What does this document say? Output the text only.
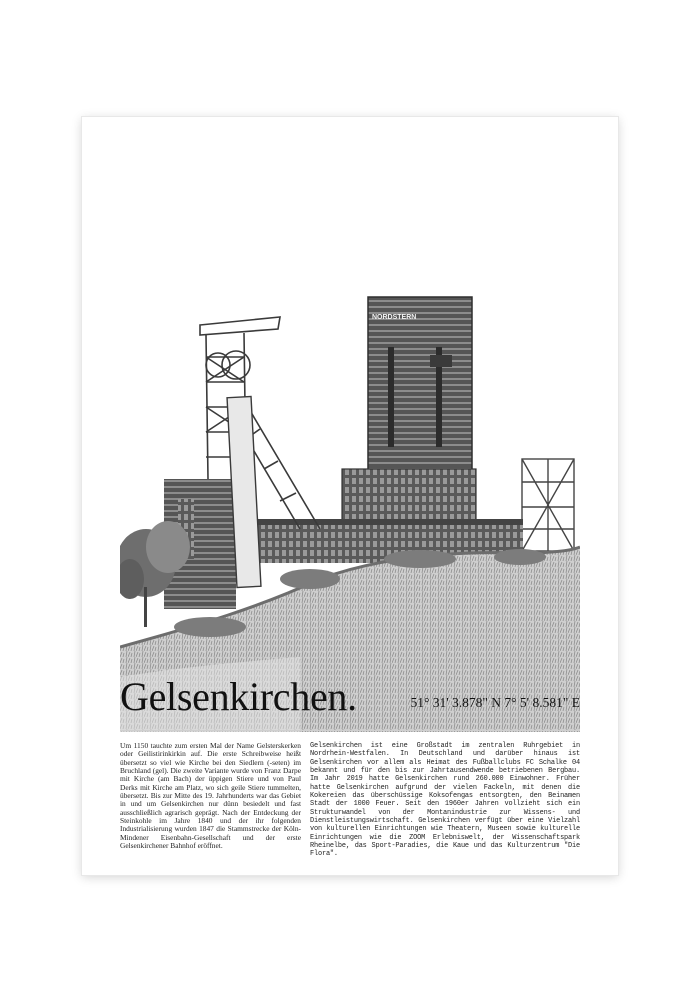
NORDSTERN
Gelsenkirchen.	51° 31' 3.878" N 7° 5' 8.581" E
Um 1150 tauchte zum ersten Mal der Name Gelsterskerken oder Geilistirinkirkin auf. Die erste Schreibweise heißt übersetzt so viel wie Kirche bei den Siedlern (-seten) im Bruchland (gel). Die zweite Variante wurde von Franz Darpe mit Kirche (am Bach) der üppigen Stiere und von Paul Derks mit Kirche am Platz, wo sich geile Stiere tummelten, übersetzt. Bis zur Mitte des 19. Jahrhunderts war das Gebiet in und um Gelsenkirchen nur dünn besiedelt und fast ausschließlich agrarisch geprägt. Nach der Entdeckung der Steinkohle im Jahre 1840 und der ihr folgenden Industrialisierung wurden 1847 die Stammstrecke der Köln-Mindener Eisenbahn-Gesellschaft und der erste Gelsenkirchener Bahnhof eröffnet.
Gelsenkirchen ist eine Großstadt im zentralen Ruhrgebiet in Nordrhein-Westfalen. In Deutschland und darüber hinaus ist Gelsenkirchen vor allem als Heimat des Fußballclubs FC Schalke 04 bekannt und für den bis zur Jahrtausendwende betriebenen Bergbau. Im Jahr 2019 hatte Gelsenkirchen rund 260.000 Einwohner. Früher hatte Gelsenkirchen aufgrund der vielen Fackeln, mit denen die Kokereien das überschüssige Koksofengas entsorgten, den Beinamen Stadt der 1000 Feuer. Seit den 1960er Jahren vollzieht sich ein Strukturwandel von der Montanindustrie zur Wissens- und Dienstleistungswirtschaft. Gelsenkirchen verfügt über eine Vielzahl von kulturellen Einrichtungen wie Theatern, Museen sowie kulturelle Einrichtungen wie die ZOOM Erlebniswelt, der Wissenschaftspark Rheinelbe, das Sport-Paradies, die Kaue und das Kulturzentrum "Die Flora".
